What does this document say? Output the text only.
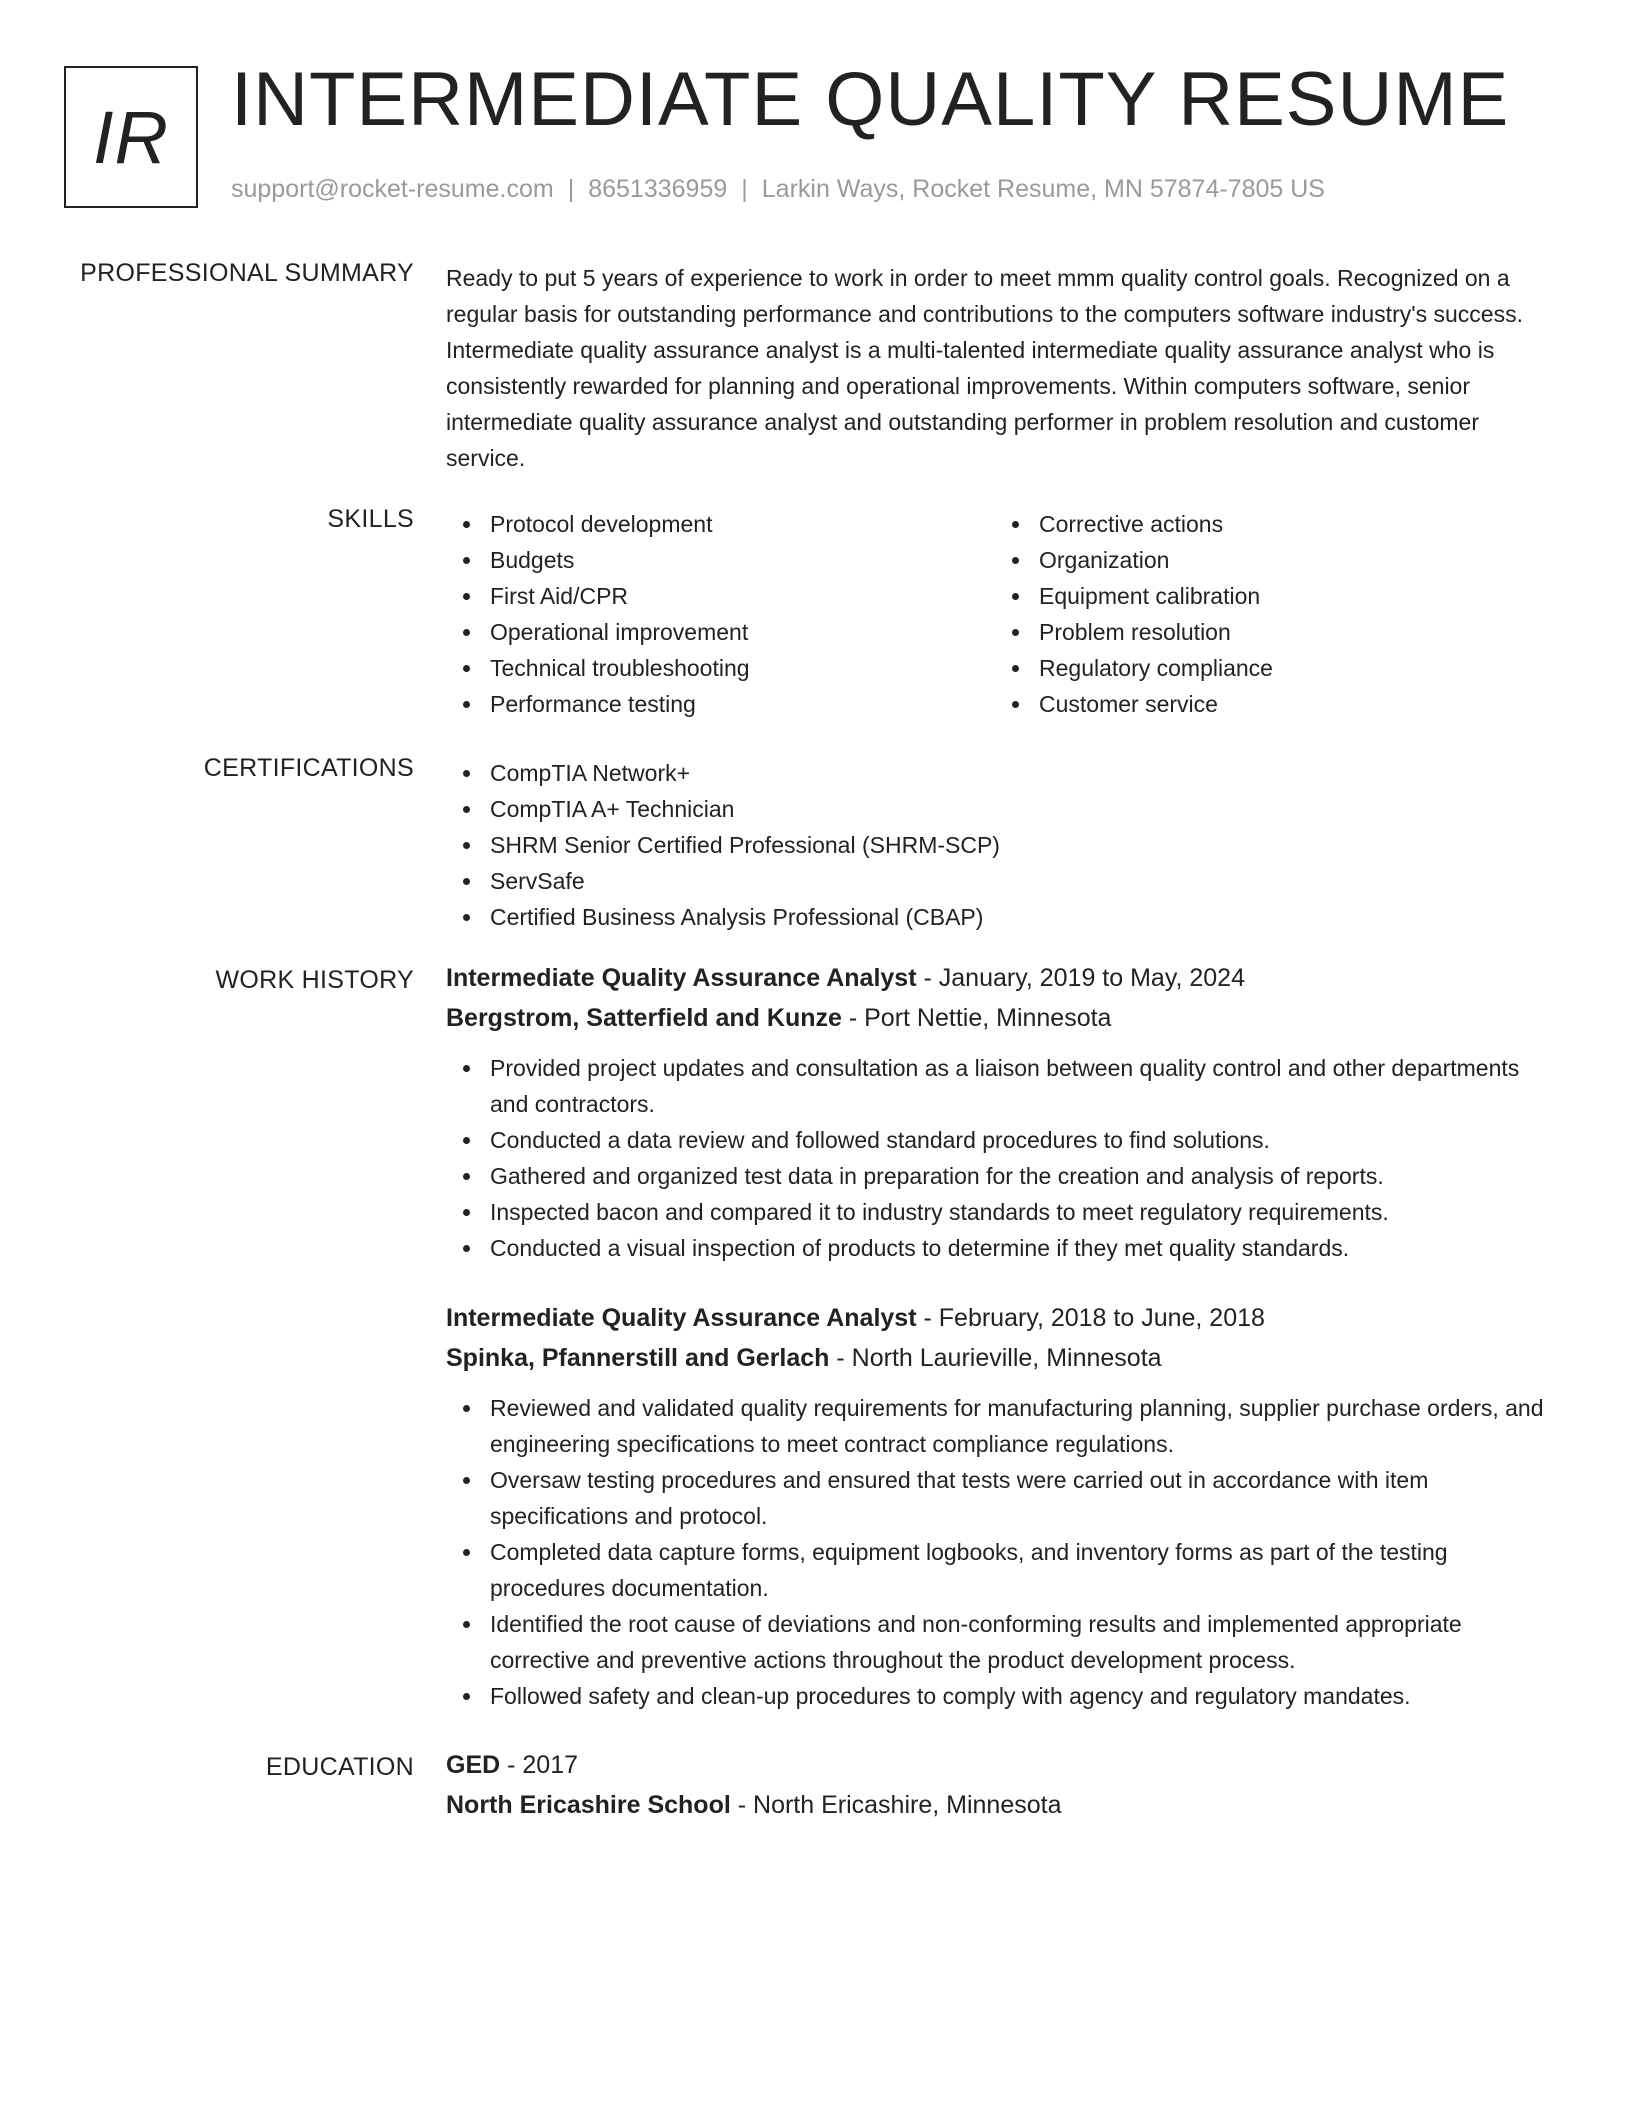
IR INTERMEDIATE QUALITY RESUME
support@rocket-resume.com | 8651336959 | Larkin Ways, Rocket Resume, MN 57874-7805 US
PROFESSIONAL SUMMARY Ready to put 5 years of experience to work in order to meet mmm quality control goals. Recognized on a regular basis for outstanding performance and contributions to the computers software industry's success. Intermediate quality assurance analyst is a multi-talented intermediate quality assurance analyst who is consistently rewarded for planning and operational improvements. Within computers software, senior intermediate quality assurance analyst and outstanding performer in problem resolution and customer service.
SKILLS	Protocol development
Budgets
First Aid/CPR
Operational improvement
Technical troubleshooting
Performance testing
Corrective actions
Organization
Equipment calibration
Problem resolution
Regulatory compliance
Customer service
CERTIFICATIONS	CompTIA Network+
CompTIA A+ Technician
SHRM Senior Certified Professional (SHRM-SCP)
ServSafe
Certified Business Analysis Professional (CBAP)
WORK HISTORY Intermediate Quality Assurance Analyst - January, 2019 to May, 2024
Bergstrom, Satterfield and Kunze - Port Nettie, Minnesota
Provided project updates and consultation as a liaison between quality control and other departments and contractors.
Conducted a data review and followed standard procedures to find solutions.
Gathered and organized test data in preparation for the creation and analysis of reports.
Inspected bacon and compared it to industry standards to meet regulatory requirements.
Conducted a visual inspection of products to determine if they met quality standards.
Intermediate Quality Assurance Analyst - February, 2018 to June, 2018
Spinka, Pfannerstill and Gerlach - North Laurieville, Minnesota
Reviewed and validated quality requirements for manufacturing planning, supplier purchase orders, and engineering specifications to meet contract compliance regulations.
Oversaw testing procedures and ensured that tests were carried out in accordance with item specifications and protocol.
Completed data capture forms, equipment logbooks, and inventory forms as part of the testing procedures documentation.
Identified the root cause of deviations and non-conforming results and implemented appropriate corrective and preventive actions throughout the product development process.
Followed safety and clean-up procedures to comply with agency and regulatory mandates.
EDUCATION GED - 2017
North Ericashire School - North Ericashire, Minnesota
